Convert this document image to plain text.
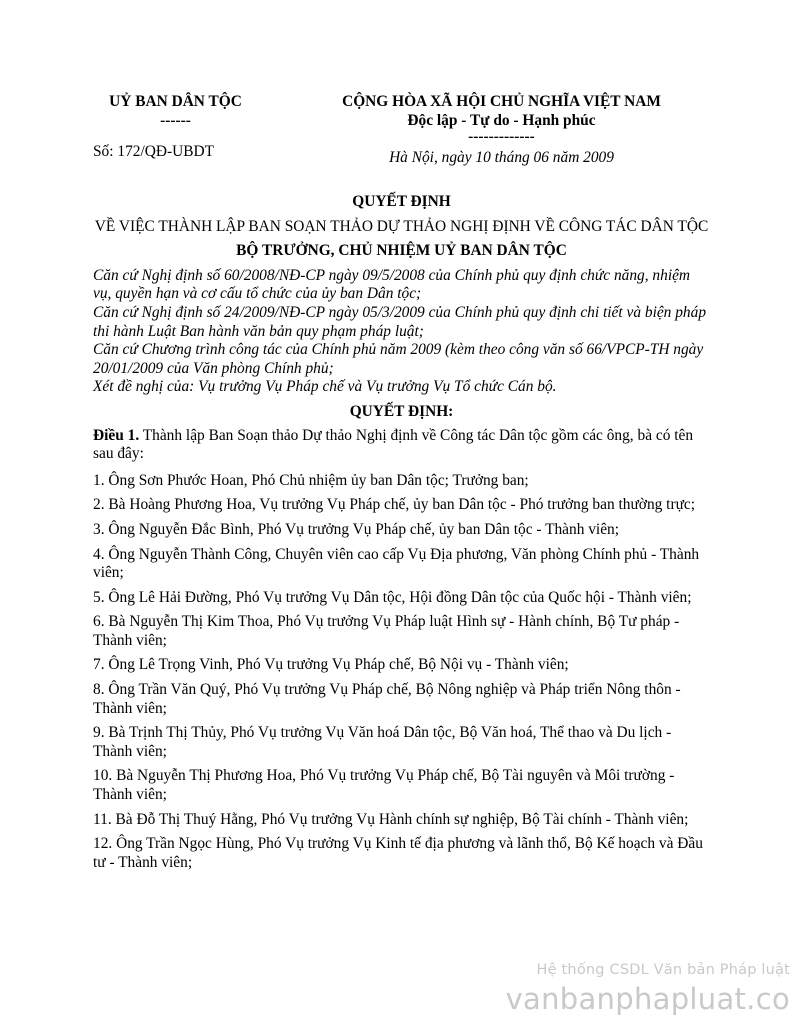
UỶ BAN DÂN TỘC
------
Số: 172/QĐ-UBDT
CỘNG HÒA XÃ HỘI CHỦ NGHĨA VIỆT NAM
Độc lập - Tự do - Hạnh phúc
-------------
Hà Nội, ngày 10 tháng 06 năm 2009
QUYẾT ĐỊNH
VỀ VIỆC THÀNH LẬP BAN SOẠN THẢO DỰ THẢO NGHỊ ĐỊNH VỀ CÔNG TÁC DÂN TỘC
BỘ TRƯỞNG, CHỦ NHIỆM UỶ BAN DÂN TỘC

Căn cứ Nghị định số 60/2008/NĐ-CP ngày 09/5/2008 của Chính phủ quy định chức năng, nhiệm vụ, quyền hạn và cơ cấu tổ chức của ủy ban Dân tộc;

Căn cứ Nghị định số 24/2009/NĐ-CP ngày 05/3/2009 của Chính phủ quy định chi tiết và biện pháp thi hành Luật Ban hành văn bản quy phạm pháp luật;

Căn cứ Chương trình công tác của Chính phủ năm 2009 (kèm theo công văn số 66/VPCP-TH ngày 20/01/2009 của Văn phòng Chính phủ;

Xét đề nghị của: Vụ trưởng Vụ Pháp chế và Vụ trưởng Vụ Tổ chức Cán bộ.

QUYẾT ĐỊNH:

Điều 1. Thành lập Ban Soạn thảo Dự thảo Nghị định về Công tác Dân tộc gồm các ông, bà có tên sau đây:

1. Ông Sơn Phước Hoan, Phó Chủ nhiệm ủy ban Dân tộc; Trưởng ban;

2. Bà Hoàng Phương Hoa, Vụ trưởng Vụ Pháp chế, ủy ban Dân tộc - Phó trưởng ban thường trực;

3. Ông Nguyễn Đắc Bình, Phó Vụ trưởng Vụ Pháp chế, ủy ban Dân tộc - Thành viên;

4. Ông Nguyễn Thành Công, Chuyên viên cao cấp Vụ Địa phương, Văn phòng Chính phủ - Thành viên;

5. Ông Lê Hải Đường, Phó Vụ trưởng Vụ Dân tộc, Hội đồng Dân tộc của Quốc hội - Thành viên;

6. Bà Nguyễn Thị Kim Thoa, Phó Vụ trưởng Vụ Pháp luật Hình sự - Hành chính, Bộ Tư pháp - Thành viên;

7. Ông Lê Trọng Vinh, Phó Vụ trưởng Vụ Pháp chế, Bộ Nội vụ - Thành viên;

8. Ông Trần Văn Quý, Phó Vụ trưởng Vụ Pháp chế, Bộ Nông nghiệp và Pháp triển Nông thôn - Thành viên;

9. Bà Trịnh Thị Thủy, Phó Vụ trưởng Vụ Văn hoá Dân tộc, Bộ Văn hoá, Thể thao và Du lịch - Thành viên;

10. Bà Nguyễn Thị Phương Hoa, Phó Vụ trưởng Vụ Pháp chế, Bộ Tài nguyên và Môi trường - Thành viên;

11. Bà Đỗ Thị Thuý Hằng, Phó Vụ trưởng Vụ Hành chính sự nghiệp, Bộ Tài chính - Thành viên;

12. Ông Trần Ngọc Hùng, Phó Vụ trưởng Vụ Kinh tế địa phương và lãnh thổ, Bộ Kế hoạch và Đầu tư - Thành viên;

Hệ thống CSDL Văn bản Pháp luật
vanbanphapluat.co
